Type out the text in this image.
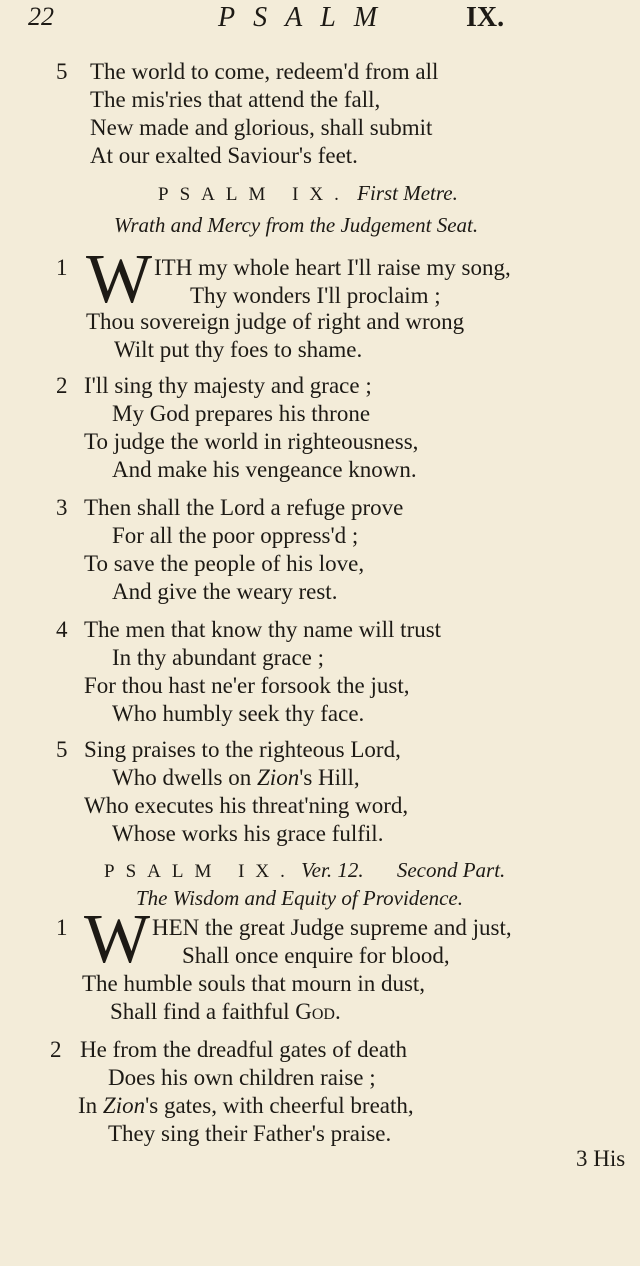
22	PSALM	IX.
5 The world to come, redeem'd from all
The mis'ries that attend the fall,
New made and glorious, shall submit
At our exalted Saviour's feet.
PSALM IX. First Metre.
Wrath and Mercy from the Judgement Seat.
1 W ITH my whole heart I'll raise my song,
Thy wonders I'll proclaim ;
Thou sovereign judge of right and wrong
Wilt put thy foes to shame.
2 I'll sing thy majesty and grace ;
My God prepares his throne
To judge the world in righteousness,
And make his vengeance known.
3 Then shall the Lord a refuge prove
For all the poor oppress'd ;
To save the people of his love,
And give the weary rest.
4 The men that know thy name will trust
In thy abundant grace ;
For thou hast ne'er forsook the just,
Who humbly seek thy face.
5 Sing praises to the righteous Lord,
Who dwells on Zion's Hill,
Who executes his threat'ning word,
Whose works his grace fulfil.
PSALM IX. Ver. 12. Second Part.
The Wisdom and Equity of Providence.
1 W HEN the great Judge supreme and just,
Shall once enquire for blood,
The humble souls that mourn in dust,
Shall find a faithful God.
2 He from the dreadful gates of death
Does his own children raise ;
In Zion's gates, with cheerful breath,
They sing their Father's praise.
3 His
